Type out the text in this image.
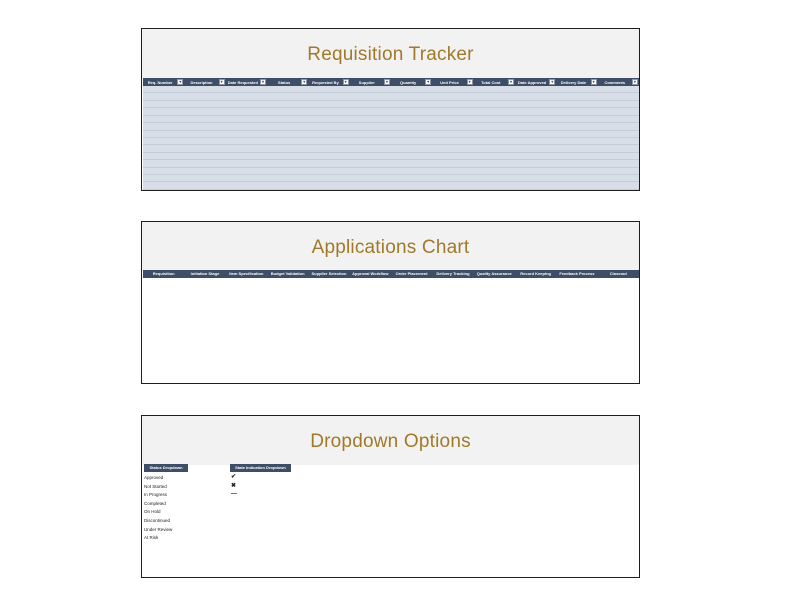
Requisition Tracker
Req. Number	▾	Description	▾	Date Requested	▾	Status	▾	Requested By	▾	Supplier	▾	Quantity	▾	Unit Price	▾	Total Cost	▾	Date Approved	▾	Delivery Date	▾	Comments	▾
Applications Chart
Requisition	Initiation Stage	Item Specification	Budget Validation	Supplier Selection	Approval Workflow	Order Placement	Delivery Tracking	Quality Assurance	Record Keeping	Feedback Process	Closeout
Dropdown Options
Status Dropdown
Approved
Not Started
In Progress
Completed
On Hold
Discontinued
Under Review
At Risk
State Indication Dropdown
✔
✖
—
